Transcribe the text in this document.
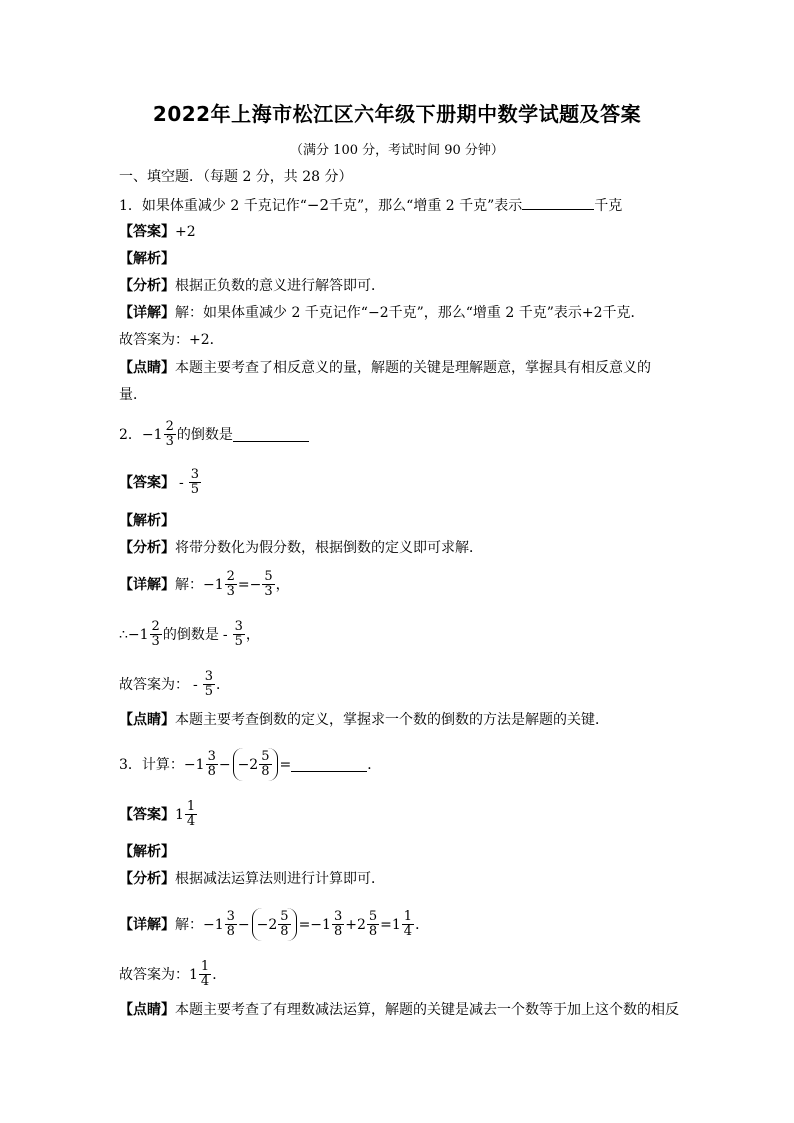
2022年上海市松江区六年级下册期中数学试题及答案
（满分 100 分，考试时间 90 分钟）
一、填空题．（每题 2 分，共 28 分）
1．如果体重减少 2 千克记作“−2千克”，那么“增重 2 千克”表示	千克
【答案】+2
【解析】
【分析】根据正负数的意义进行解答即可．
【详解】解：如果体重减少 2 千克记作“−2千克”，那么“增重 2 千克”表示+2千克．
故答案为：+2．
【点睛】本题主要考查了相反意义的量，解题的关键是理解题意，掌握具有相反意义的
量．
2． $-1 \frac{2}{3}$ 的倒数是
【答案】 - $\frac{3}{5}$
【解析】
【分析】将带分数化为假分数，根据倒数的定义即可求解．
【详解】 解： $-1 \frac{2}{3} =- \frac{5}{3}$ ，
∴−1 $\frac{2}{3}$ 的倒数是 - $\frac{3}{5}$ ，
故答案为： - $\frac{3}{5}$ ．
【点睛】本题主要考查倒数的定义，掌握求一个数的倒数的方法是解题的关键．
3．计算： $-1 \frac{3}{8} - -2 \frac{5}{8}$ =	．
【答案】 $1 \frac{1}{4}$
【解析】
【分析】根据减法运算法则进行计算即可．
【详解】 解： $-1 \frac{3}{8} - -2 \frac{5}{8} =-1 \frac{3}{8} +2 \frac{5}{8} =1 \frac{1}{4}$ ．
故答案为： $1 \frac{1}{4}$ ．
【点睛】本题主要考查了有理数减法运算，解题的关键是减去一个数等于加上这个数的相反
